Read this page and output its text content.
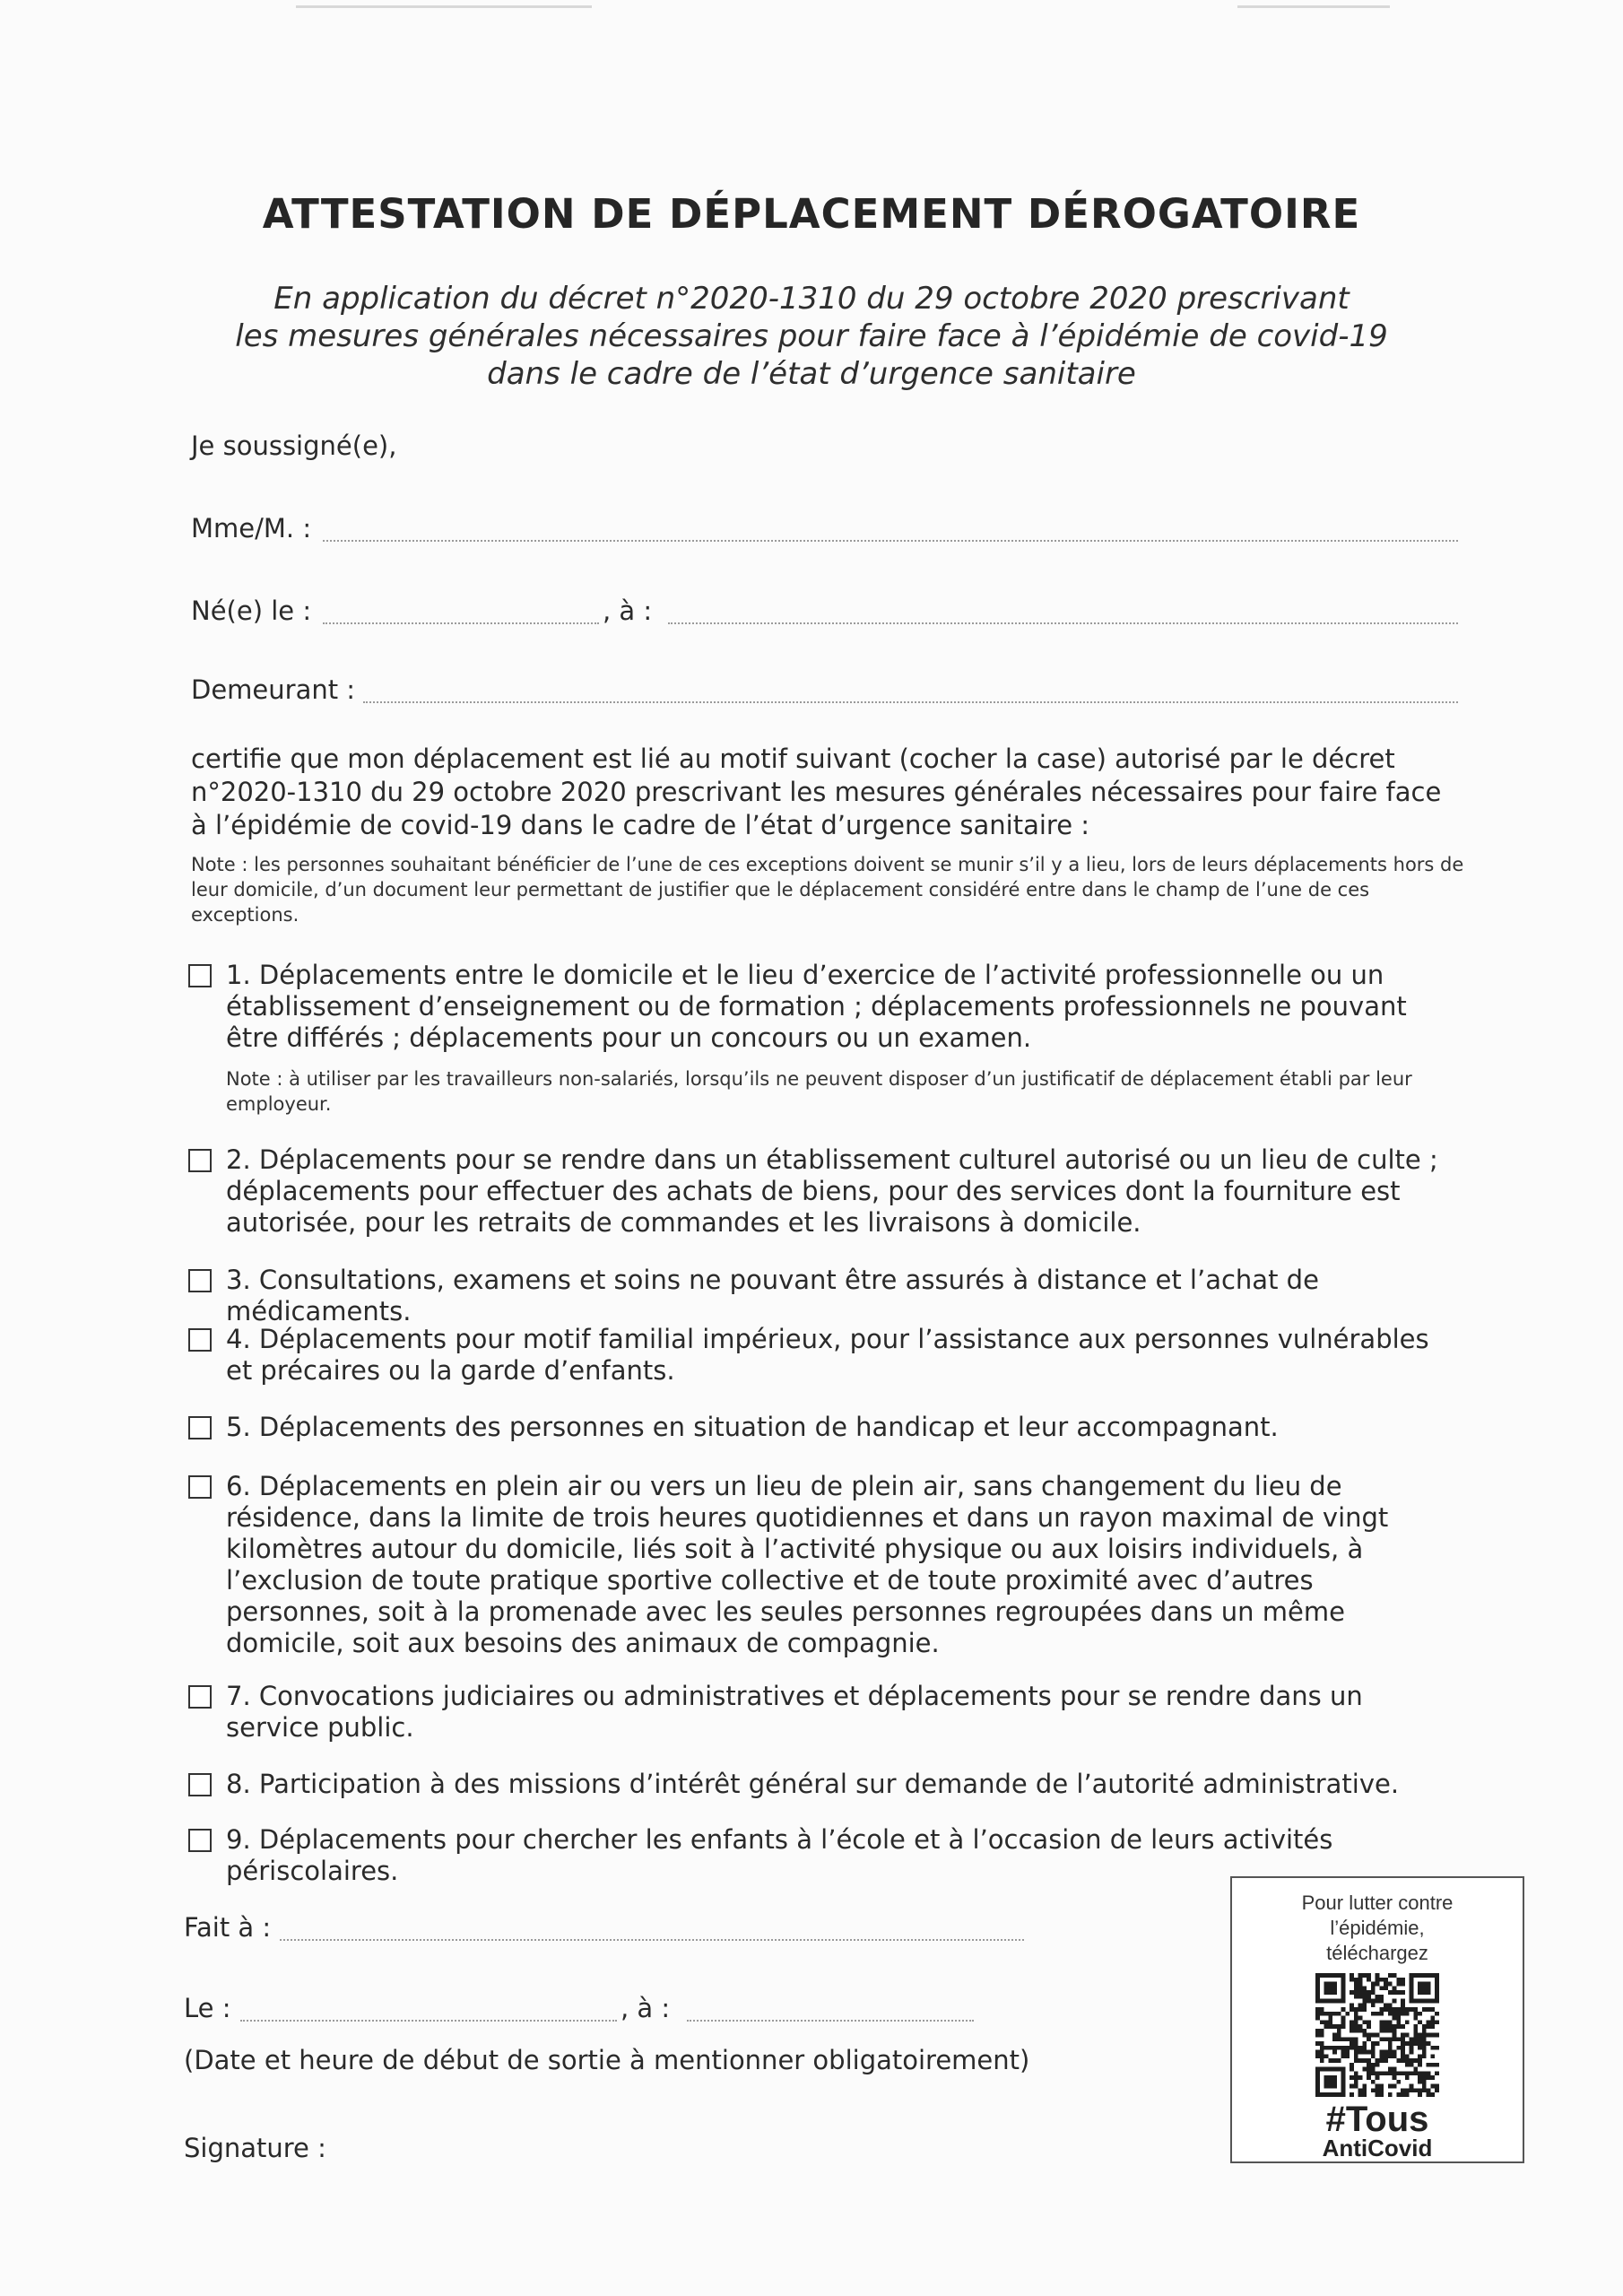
ATTESTATION DE DÉPLACEMENT DÉROGATOIRE
En application du décret n°2020-1310 du 29 octobre 2020 prescrivant
les mesures générales nécessaires pour faire face à l’épidémie de covid-19
dans le cadre de l’état d’urgence sanitaire
Je soussigné(e),
Mme/M. :
Né(e) le :	, à :
Demeurant :
certifie que mon déplacement est lié au motif suivant (cocher la case) autorisé par le décret n°2020-1310 du 29 octobre 2020 prescrivant les mesures générales nécessaires pour faire face à l’épidémie de covid-19 dans le cadre de l’état d’urgence sanitaire :
Note : les personnes souhaitant bénéficier de l’une de ces exceptions doivent se munir s’il y a lieu, lors de leurs déplacements hors de leur domicile, d’un document leur permettant de justifier que le déplacement considéré entre dans le champ de l’une de ces exceptions.
1. Déplacements entre le domicile et le lieu d’exercice de l’activité professionnelle ou un établissement d’enseignement ou de formation ; déplacements professionnels ne pouvant être différés ; déplacements pour un concours ou un examen.
Note : à utiliser par les travailleurs non-salariés, lorsqu’ils ne peuvent disposer d’un justificatif de déplacement établi par leur employeur.
2. Déplacements pour se rendre dans un établissement culturel autorisé ou un lieu de culte ; déplacements pour effectuer des achats de biens, pour des services dont la fourniture est autorisée, pour les retraits de commandes et les livraisons à domicile.
3. Consultations, examens et soins ne pouvant être assurés à distance et l’achat de médicaments.
4. Déplacements pour motif familial impérieux, pour l’assistance aux personnes vulnérables et précaires ou la garde d’enfants.
5. Déplacements des personnes en situation de handicap et leur accompagnant.
6. Déplacements en plein air ou vers un lieu de plein air, sans changement du lieu de résidence, dans la limite de trois heures quotidiennes et dans un rayon maximal de vingt kilomètres autour du domicile, liés soit à l’activité physique ou aux loisirs individuels, à l’exclusion de toute pratique sportive collective et de toute proximité avec d’autres personnes, soit à la promenade avec les seules personnes regroupées dans un même domicile, soit aux besoins des animaux de compagnie.
7. Convocations judiciaires ou administratives et déplacements pour se rendre dans un service public.
8. Participation à des missions d’intérêt général sur demande de l’autorité administrative.
9. Déplacements pour chercher les enfants à l’école et à l’occasion de leurs activités périscolaires.
Fait à :
Le :	, à :
(Date et heure de début de sortie à mentionner obligatoirement)
Signature :
Pour lutter contre
l’épidémie,
téléchargez
#Tous
AntiCovid
